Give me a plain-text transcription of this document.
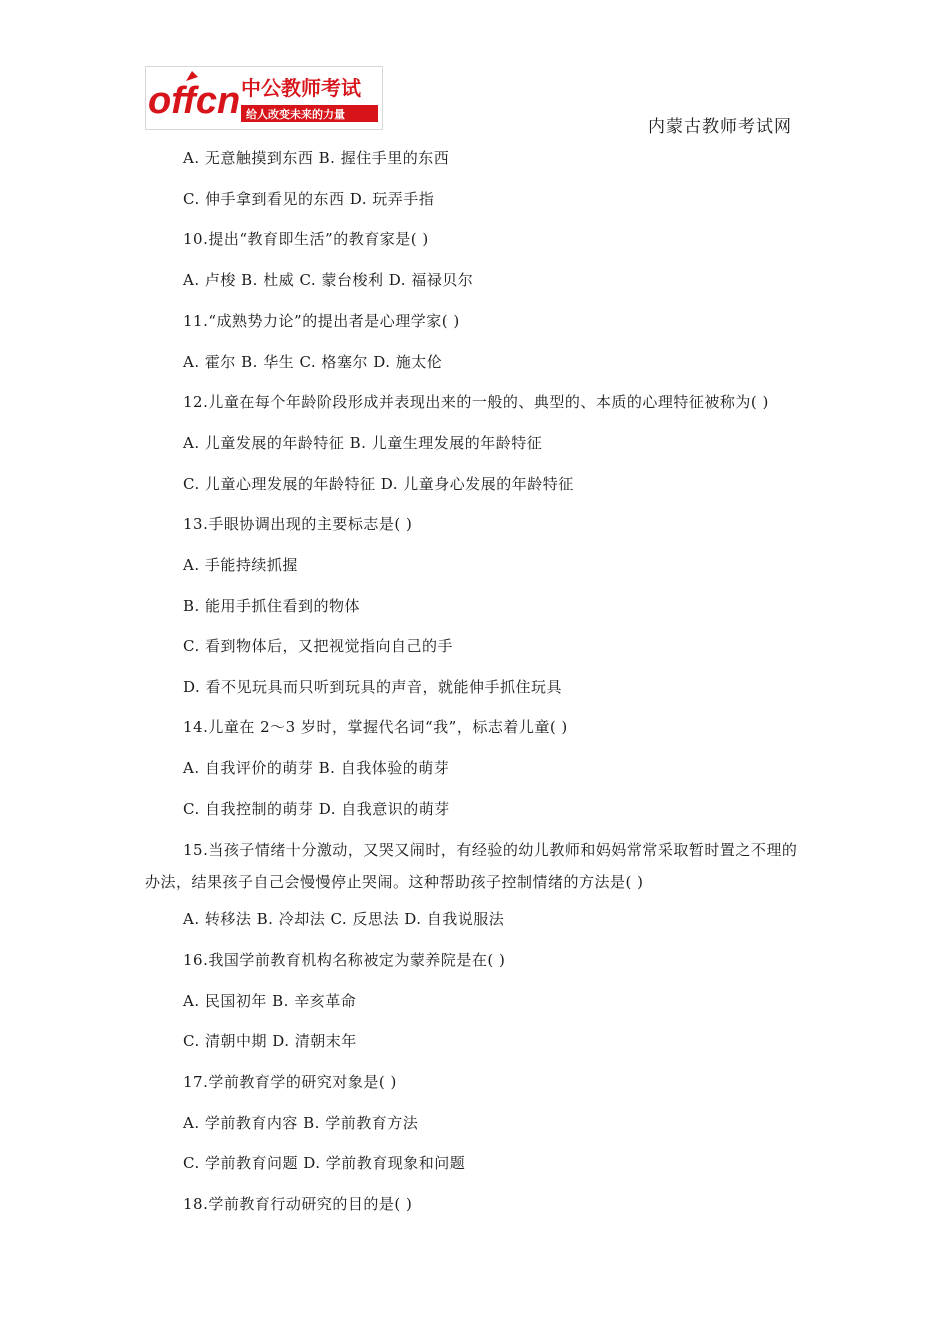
offcn 中公教师考试
给人改变未来的力量
内蒙古教师考试网

A. 无意触摸到东西 B. 握住手里的东西

C. 伸手拿到看见的东西 D. 玩弄手指

10.提出“教育即生活”的教育家是( )

A. 卢梭 B. 杜威 C. 蒙台梭利 D. 福禄贝尔

11.“成熟势力论”的提出者是心理学家( )

A. 霍尔 B. 华生 C. 格塞尔 D. 施太伦

12.儿童在每个年龄阶段形成并表现出来的一般的、典型的、本质的心理特征被称为( )

A. 儿童发展的年龄特征 B. 儿童生理发展的年龄特征

C. 儿童心理发展的年龄特征 D. 儿童身心发展的年龄特征

13.手眼协调出现的主要标志是( )

A. 手能持续抓握

B. 能用手抓住看到的物体

C. 看到物体后，又把视觉指向自己的手

D. 看不见玩具而只听到玩具的声音，就能伸手抓住玩具

14.儿童在 2～3 岁时，掌握代名词“我”，标志着儿童( )

A. 自我评价的萌芽 B. 自我体验的萌芽

C. 自我控制的萌芽 D. 自我意识的萌芽

15.当孩子情绪十分激动，又哭又闹时，有经验的幼儿教师和妈妈常常采取暂时置之不理的办法，结果孩子自己会慢慢停止哭闹。这种帮助孩子控制情绪的方法是( )

A. 转移法 B. 冷却法 C. 反思法 D. 自我说服法

16.我国学前教育机构名称被定为蒙养院是在( )

A. 民国初年 B. 辛亥革命

C. 清朝中期 D. 清朝末年

17.学前教育学的研究对象是( )

A. 学前教育内容 B. 学前教育方法

C. 学前教育问题 D. 学前教育现象和问题

18.学前教育行动研究的目的是( )
